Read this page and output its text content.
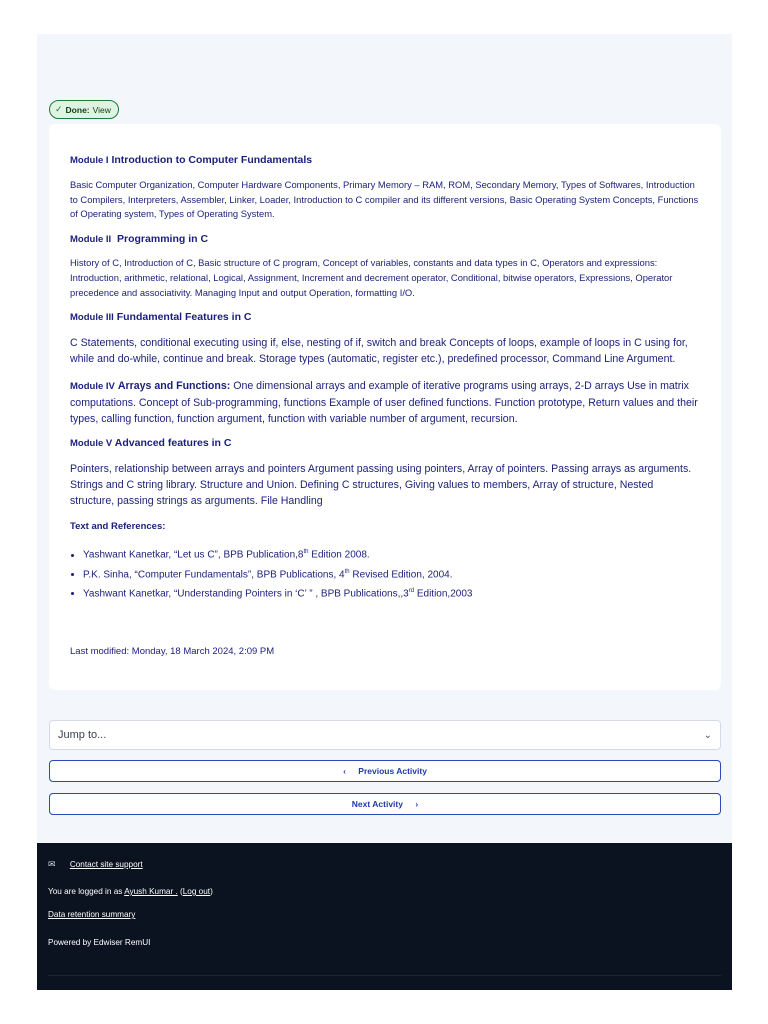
✓ Done: View

Module I Introduction to Computer Fundamentals

Basic Computer Organization, Computer Hardware Components, Primary Memory – RAM, ROM, Secondary Memory, Types of Softwares, Introduction to Compilers, Interpreters, Assembler, Linker, Loader, Introduction to C compiler and its different versions, Basic Operating System Concepts, Functions of Operating system, Types of Operating System.

Module II Programming in C

History of C, Introduction of C, Basic structure of C program, Concept of variables, constants and data types in C, Operators and expressions: Introduction, arithmetic, relational, Logical, Assignment, Increment and decrement operator, Conditional, bitwise operators, Expressions, Operator precedence and associativity. Managing Input and output Operation, formatting I/O.

Module III Fundamental Features in C

C Statements, conditional executing using if, else, nesting of if, switch and break Concepts of loops, example of loops in C using for, while and do-while, continue and break. Storage types (automatic, register etc.), predefined processor, Command Line Argument.

Module IV Arrays and Functions: One dimensional arrays and example of iterative programs using arrays, 2-D arrays Use in matrix computations. Concept of Sub-programming, functions Example of user defined functions. Function prototype, Return values and their types, calling function, function argument, function with variable number of argument, recursion.

Module V Advanced features in C

Pointers, relationship between arrays and pointers Argument passing using pointers, Array of pointers. Passing arrays as arguments. Strings and C string library. Structure and Union. Defining C structures, Giving values to members, Array of structure, Nested structure, passing strings as arguments. File Handling

Text and References:

• Yashwant Kanetkar, “Let us C”, BPB Publication,8th Edition 2008.
• P.K. Sinha, “Computer Fundamentals”, BPB Publications, 4th Revised Edition, 2004.
• Yashwant Kanetkar, “Understanding Pointers in ‘C’ ” , BPB Publications,,3rd Edition,2003

Last modified: Monday, 18 March 2024, 2:09 PM

Jump to...	⌄
‹
Previous Activity
Next Activity
›
✉ Contact site support
You are logged in as Ayush Kumar . (Log out)
Data retention summary
Powered by Edwiser RemUI
